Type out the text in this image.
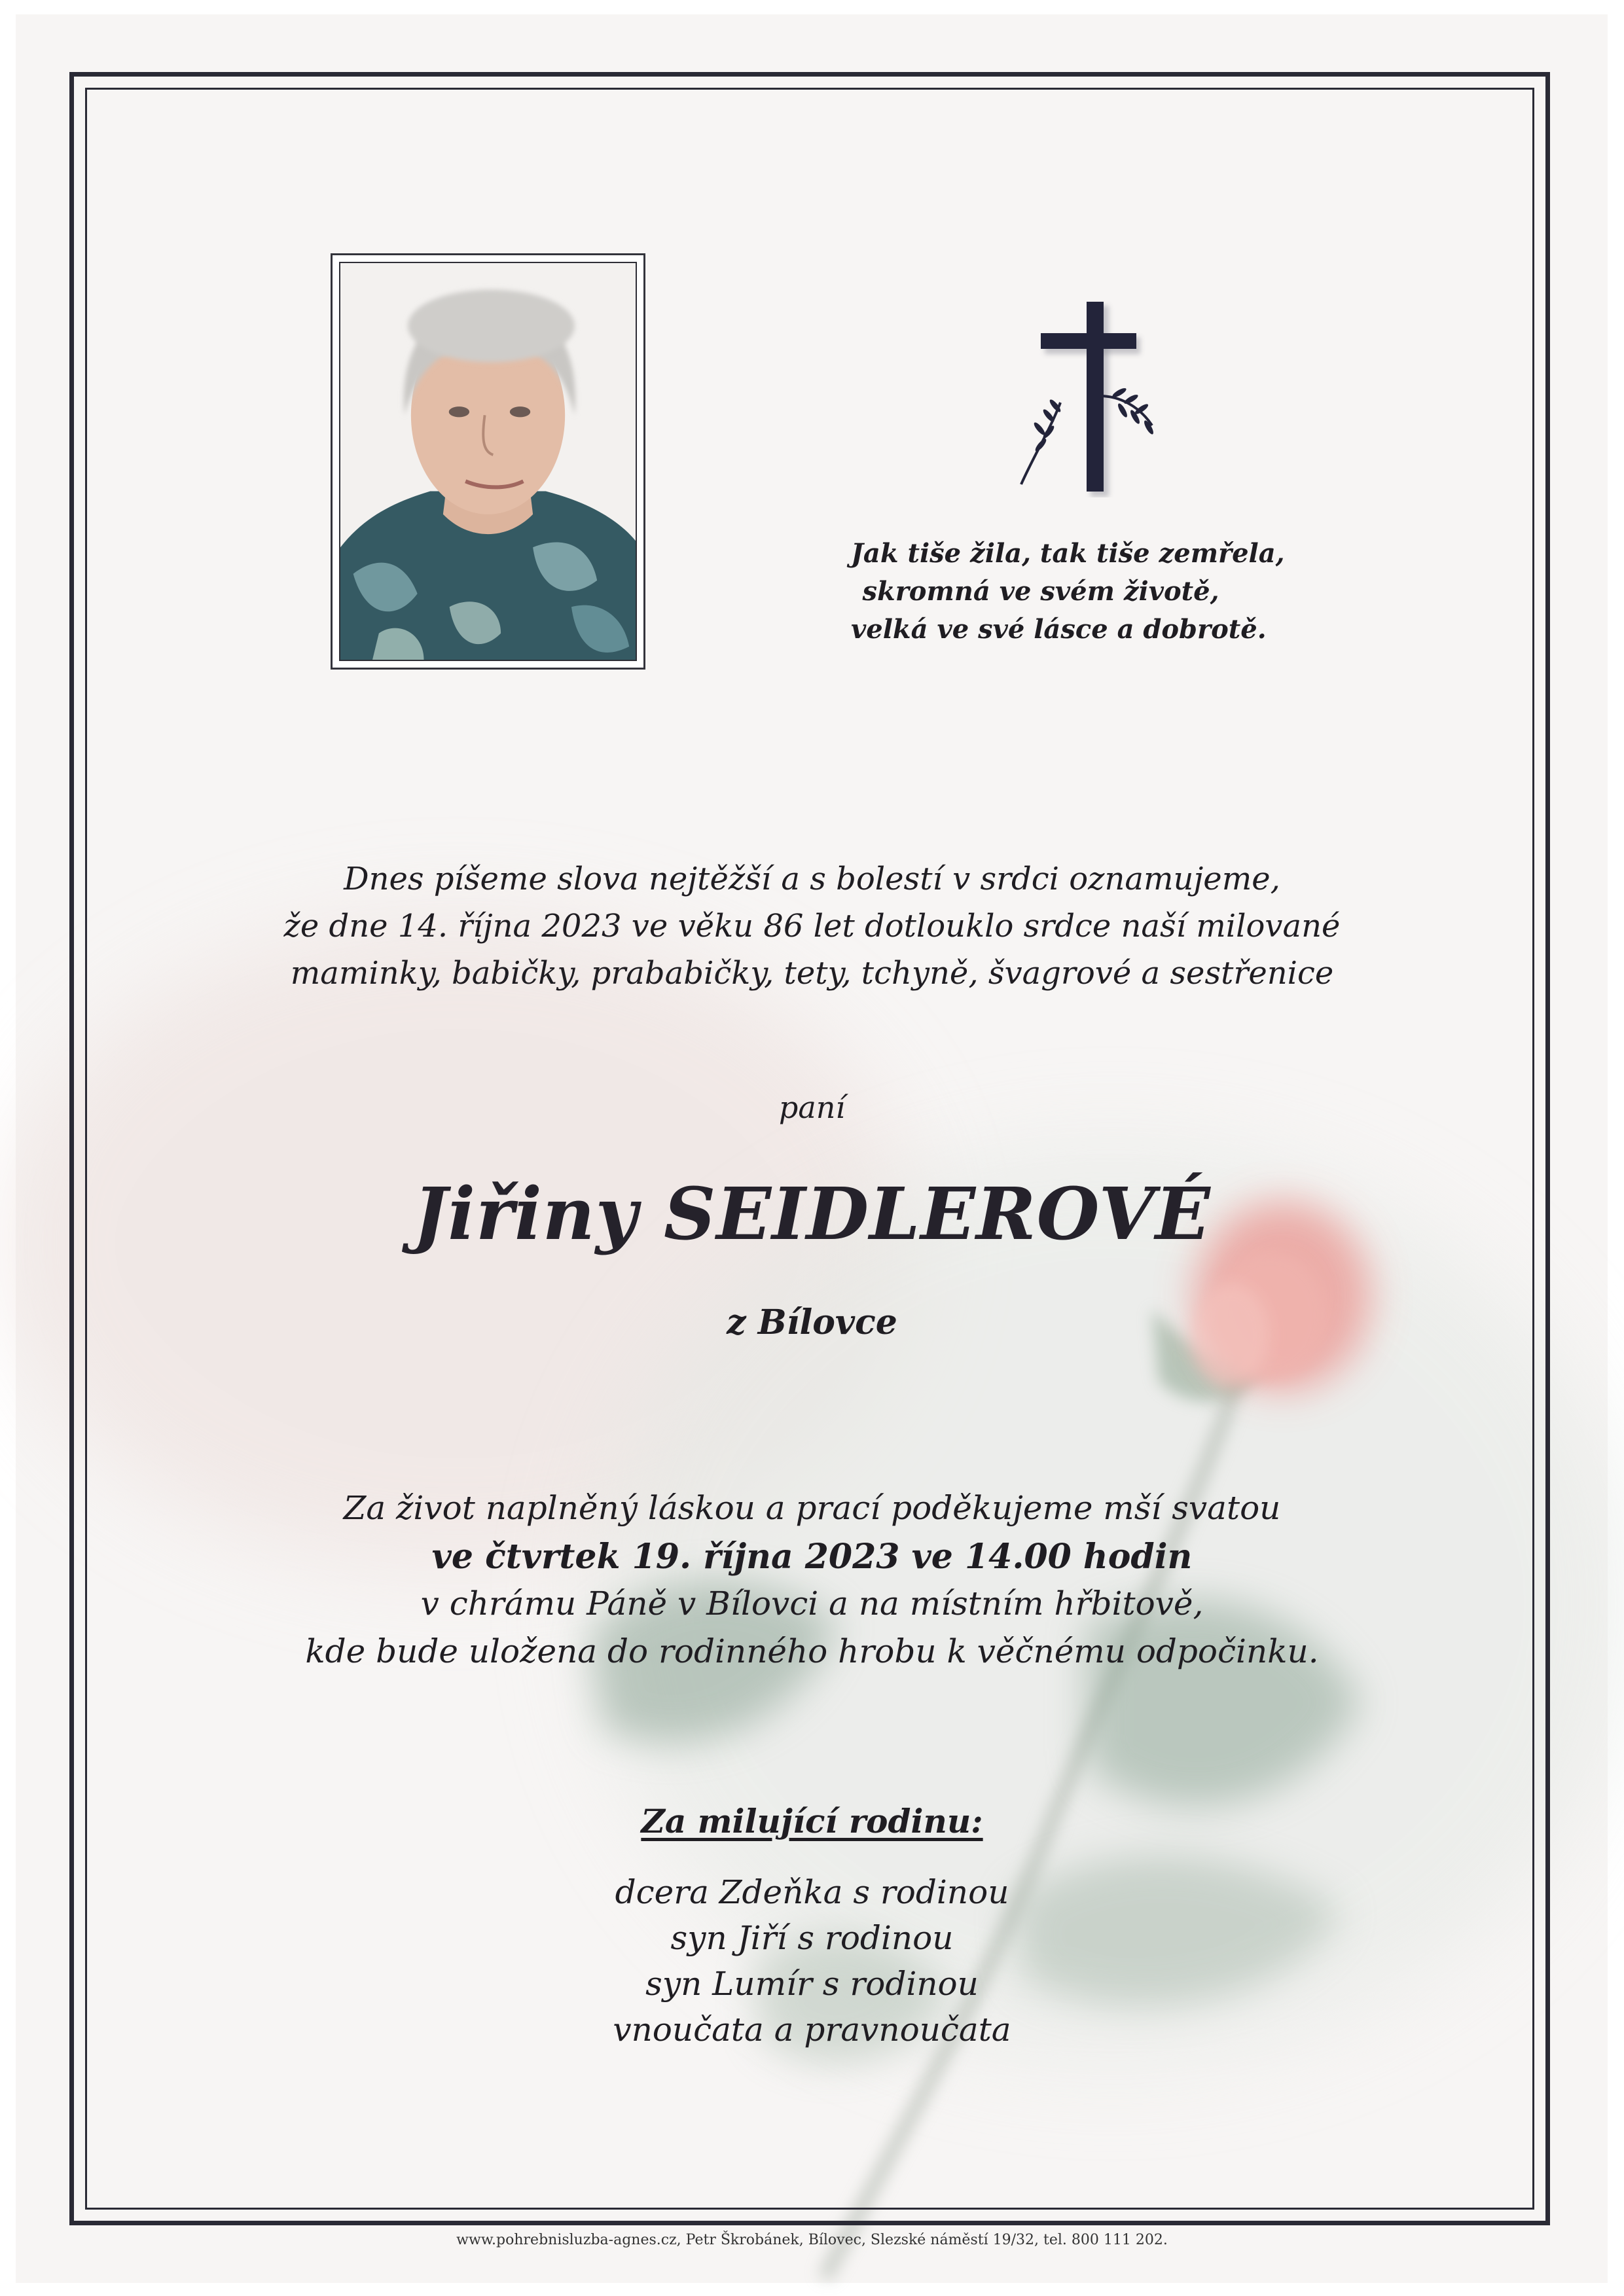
Jak tiše žila, tak tiše zemřela,

skromná ve svém životě,

velká ve své lásce a dobrotě.

Dnes píšeme slova nejtěžší a s bolestí v srdci oznamujeme,

že dne 14. října 2023 ve věku 86 let dotlouklo srdce naší milované

maminky, babičky, prababičky, tety, tchyně, švagrové a sestřenice

paní

Jiřiny SEIDLEROVÉ

z Bílovce

Za život naplněný láskou a prací poděkujeme mší svatou

ve čtvrtek 19. října 2023 ve 14.00 hodin

v chrámu Páně v Bílovci a na místním hřbitově,

kde bude uložena do rodinného hrobu k věčnému odpočinku.

Za milující rodinu:

dcera Zdeňka s rodinou

syn Jiří s rodinou

syn Lumír s rodinou

vnoučata a pravnoučata

www.pohrebnisluzba-agnes.cz, Petr Škrobánek, Bílovec, Slezské náměstí 19/32, tel. 800 111 202.
